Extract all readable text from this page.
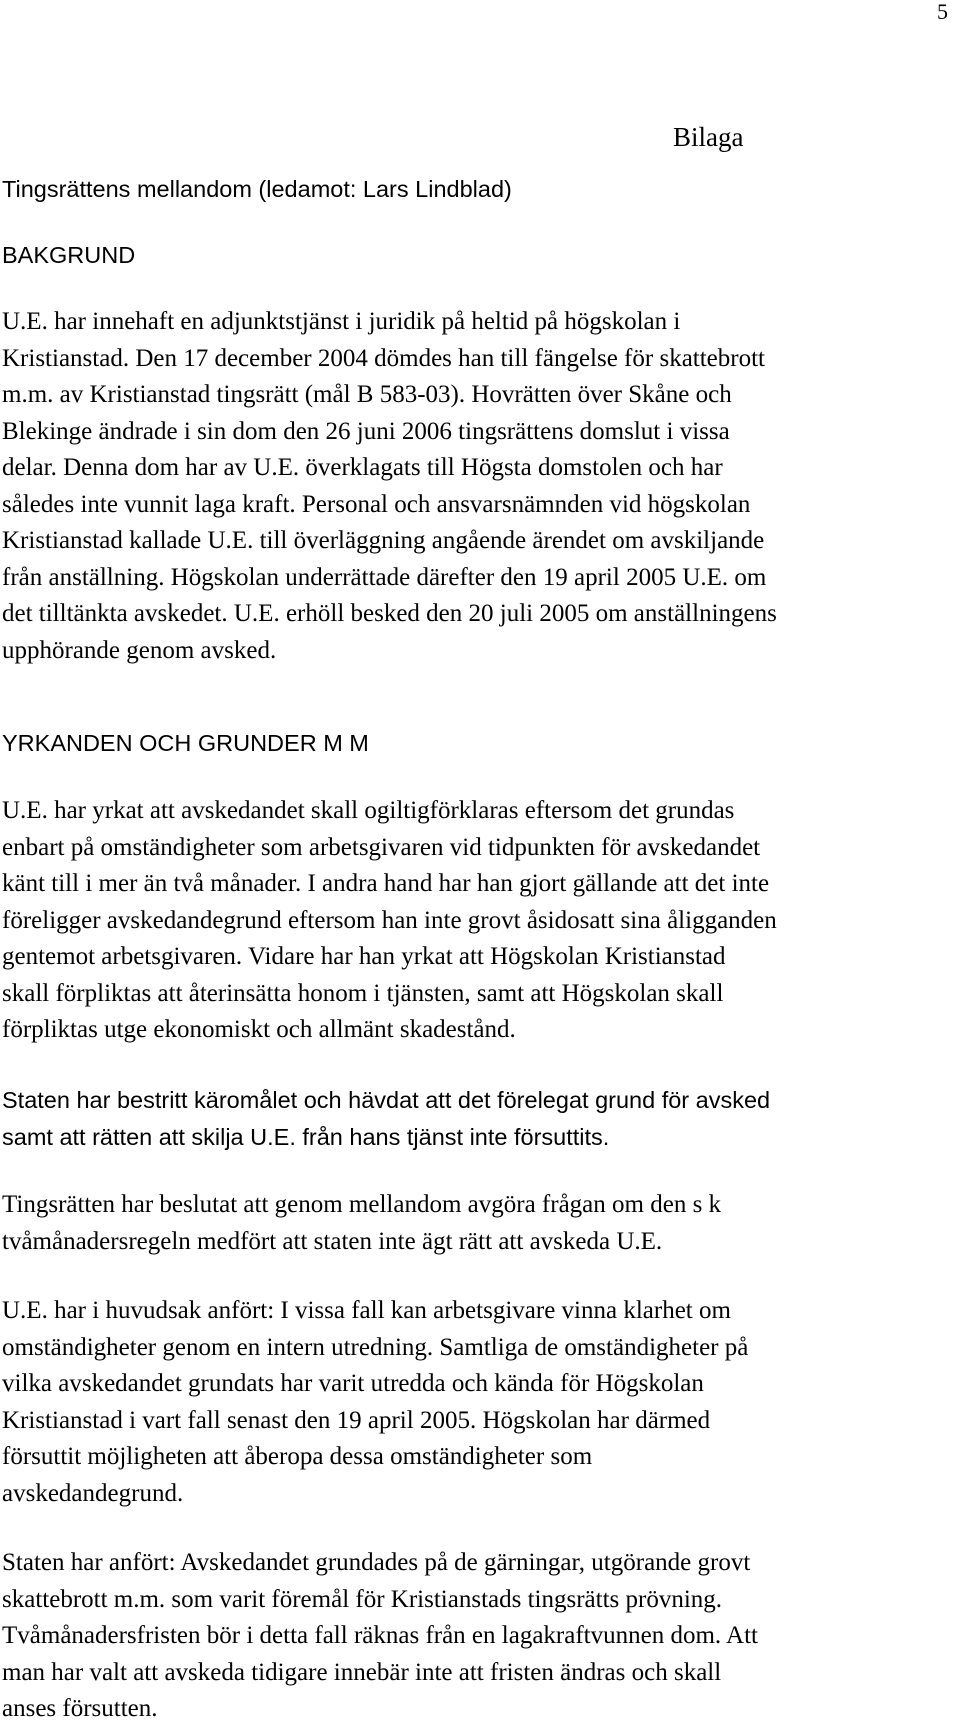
5
Bilaga
Tingsrättens mellandom (ledamot: Lars Lindblad)
BAKGRUND
U.E. har innehaft en adjunktstjänst i juridik på heltid på högskolan i
Kristianstad. Den 17 december 2004 dömdes han till fängelse för skattebrott
m.m. av Kristianstad tingsrätt (mål B 583-03). Hovrätten över Skåne och
Blekinge ändrade i sin dom den 26 juni 2006 tingsrättens domslut i vissa
delar. Denna dom har av U.E. överklagats till Högsta domstolen och har
således inte vunnit laga kraft. Personal och ansvarsnämnden vid högskolan
Kristianstad kallade U.E. till överläggning angående ärendet om avskiljande
från anställning. Högskolan underrättade därefter den 19 april 2005 U.E. om
det tilltänkta avskedet. U.E. erhöll besked den 20 juli 2005 om anställningens
upphörande genom avsked.
YRKANDEN OCH GRUNDER M M
U.E. har yrkat att avskedandet skall ogiltigförklaras eftersom det grundas
enbart på omständigheter som arbetsgivaren vid tidpunkten för avskedandet
känt till i mer än två månader. I andra hand har han gjort gällande att det inte
föreligger avskedandegrund eftersom han inte grovt åsidosatt sina åligganden
gentemot arbetsgivaren. Vidare har han yrkat att Högskolan Kristianstad
skall förpliktas att återinsätta honom i tjänsten, samt att Högskolan skall
förpliktas utge ekonomiskt och allmänt skadestånd.
Staten har bestritt käromålet och hävdat att det förelegat grund för avsked
samt att rätten att skilja U.E. från hans tjänst inte försuttits.
Tingsrätten har beslutat att genom mellandom avgöra frågan om den s k
tvåmånadersregeln medfört att staten inte ägt rätt att avskeda U.E.
U.E. har i huvudsak anfört: I vissa fall kan arbetsgivare vinna klarhet om
omständigheter genom en intern utredning. Samtliga de omständigheter på
vilka avskedandet grundats har varit utredda och kända för Högskolan
Kristianstad i vart fall senast den 19 april 2005. Högskolan har därmed
försuttit möjligheten att åberopa dessa omständigheter som
avskedandegrund.
Staten har anfört: Avskedandet grundades på de gärningar, utgörande grovt
skattebrott m.m. som varit föremål för Kristianstads tingsrätts prövning.
Tvåmånadersfristen bör i detta fall räknas från en lagakraftvunnen dom. Att
man har valt att avskeda tidigare innebär inte att fristen ändras och skall
anses försutten.
